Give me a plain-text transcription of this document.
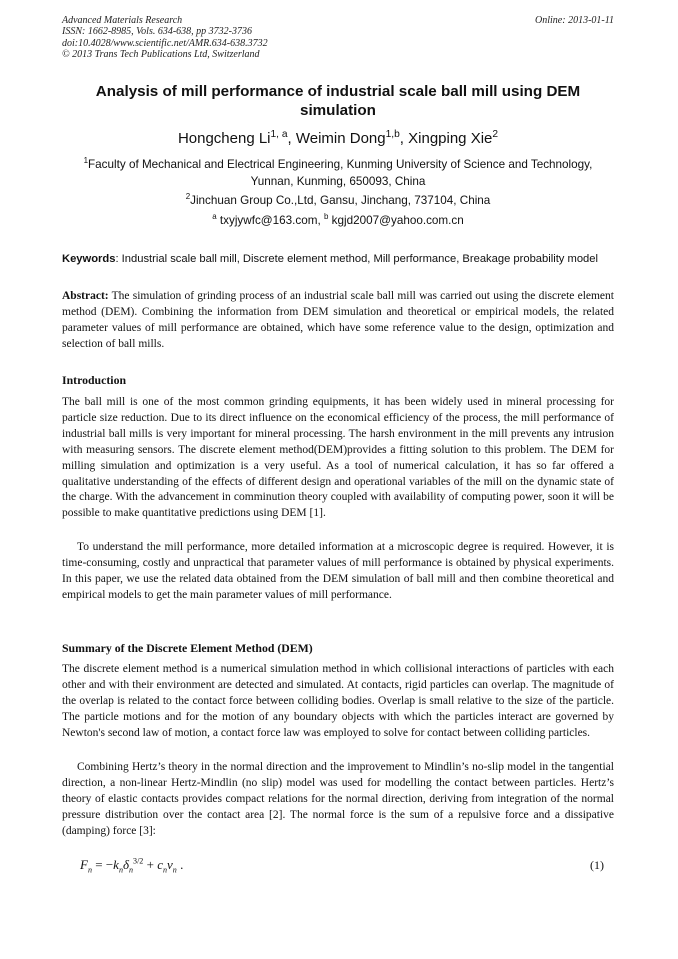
Advanced Materials Research
ISSN: 1662-8985, Vols. 634-638, pp 3732-3736
doi:10.4028/www.scientific.net/AMR.634-638.3732
© 2013 Trans Tech Publications Ltd, Switzerland
Online: 2013-01-11
Analysis of mill performance of industrial scale ball mill using DEM
simulation
Hongcheng Li$^{1, a}$, Weimin Dong$^{1,b}$, Xingping Xie$^2$
$^1$Faculty of Mechanical and Electrical Engineering, Kunming University of Science and Technology,
Yunnan, Kunming, 650093, China
$^2$Jinchuan Group Co.,Ltd, Gansu, Jinchang, 737104, China
$^a$ txyjywfc@163.com, $^b$ kgjd2007@yahoo.com.cn
Keywords: Industrial scale ball mill, Discrete element method, Mill performance, Breakage probability model
Abstract: The simulation of grinding process of an industrial scale ball mill was carried out using the discrete element method (DEM). Combining the information from DEM simulation and theoretical or empirical models, the related parameter values of mill performance are obtained, which have some reference value to the design, optimization and selection of ball mills.
Introduction
The ball mill is one of the most common grinding equipments, it has been widely used in mineral processing for particle size reduction. Due to its direct influence on the economical efficiency of the process, the mill performance of industrial ball mills is very important for mineral processing. The harsh environment in the mill prevents any intrusion with measuring sensors. The discrete element method(DEM)provides a fitting solution to this problem. The DEM for milling simulation and optimization is a very useful. As a tool of numerical calculation, it has so far offered a qualitative understanding of the effects of different design and operational variables of the mill on the dynamic state of the charge. With the advancement in comminution theory coupled with availability of computing power, soon it will be possible to make quantitative predictions using DEM [1].
To understand the mill performance, more detailed information at a microscopic degree is required. However, it is time-consuming, costly and unpractical that parameter values of mill performance is obtained by physical experiments. In this paper, we use the related data obtained from the DEM simulation of ball mill and then combine theoretical and empirical models to get the main parameter values of mill performance.
Summary of the Discrete Element Method (DEM)
The discrete element method is a numerical simulation method in which collisional interactions of particles with each other and with their environment are detected and simulated. At contacts, rigid particles can overlap. The magnitude of the overlap is related to the contact force between colliding bodies. Overlap is small relative to the size of the particle. The particle motions and for the motion of any boundary objects with which the particles interact are governed by Newton's second law of motion, a contact force law was employed to solve for contact between colliding particles.
Combining Hertz’s theory in the normal direction and the improvement to Mindlin’s no-slip model in the tangential direction, a non-linear Hertz-Mindlin (no slip) model was used for modelling the contact between particles. Hertz’s theory of elastic contacts provides compact relations for the normal direction, deriving from integration of the normal pressure distribution over the contact area [2]. The normal force is the sum of a repulsive force and a dissipative (damping) force [3]:
$F_n = -k_n\delta_n^{3/2} + c_nv_n$ .	(1)
